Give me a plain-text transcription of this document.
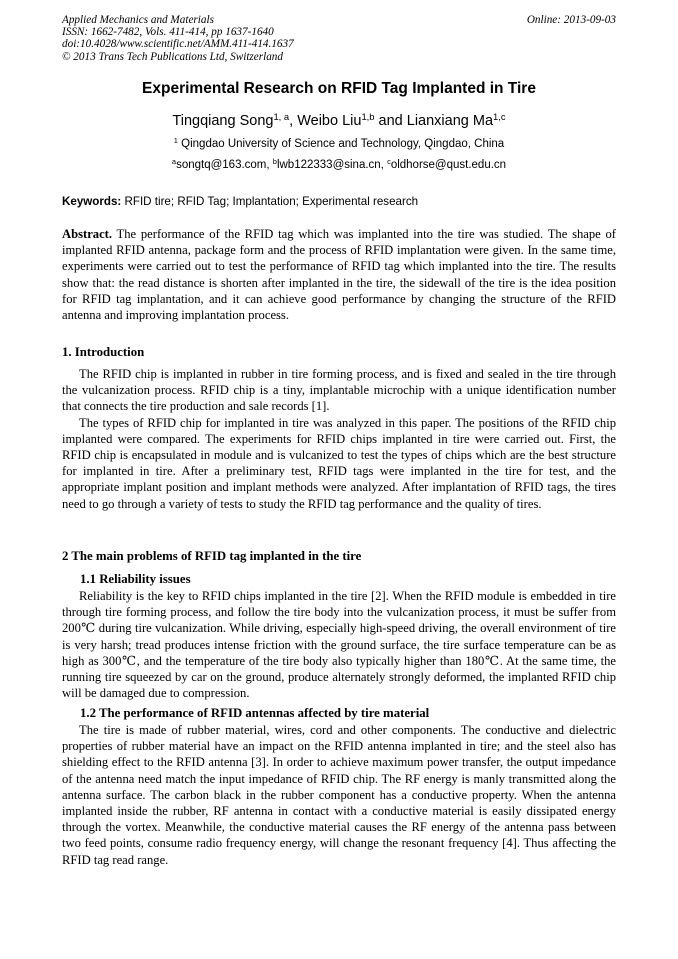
Applied Mechanics and Materials
ISSN: 1662-7482, Vols. 411-414, pp 1637-1640
doi:10.4028/www.scientific.net/AMM.411-414.1637
© 2013 Trans Tech Publications Ltd, Switzerland
Online: 2013-09-03
Experimental Research on RFID Tag Implanted in Tire
Tingqiang Song$^{1, a}$, Weibo Liu$^{1,b}$ and Lianxiang Ma$^{1,c}$
$^1$ Qingdao University of Science and Technology, Qingdao, China
$^a$songtq@163.com, $^b$lwb122333@sina.cn, $^c$oldhorse@qust.edu.cn
Keywords: RFID tire; RFID Tag; Implantation; Experimental research

Abstract. The performance of the RFID tag which was implanted into the tire was studied. The shape of implanted RFID antenna, package form and the process of RFID implantation were given. In the same time, experiments were carried out to test the performance of RFID tag which implanted into the tire. The results show that: the read distance is shorten after implanted in the tire, the sidewall of the tire is the idea position for RFID tag implantation, and it can achieve good performance by changing the structure of the RFID antenna and improving implantation process.

1. Introduction

The RFID chip is implanted in rubber in tire forming process, and is fixed and sealed in the tire through the vulcanization process. RFID chip is a tiny, implantable microchip with a unique identification number that connects the tire production and sale records [1].

The types of RFID chip for implanted in tire was analyzed in this paper. The positions of the RFID chip implanted were compared. The experiments for RFID chips implanted in tire were carried out. First, the RFID chip is encapsulated in module and is vulcanized to test the types of chips which are the best structure for implanted in tire. After a preliminary test, RFID tags were implanted in the tire for test, and the appropriate implant position and implant methods were analyzed. After implantation of RFID tags, the tires need to go through a variety of tests to study the RFID tag performance and the quality of tires.

2 The main problems of RFID tag implanted in the tire
1.1 Reliability issues

Reliability is the key to RFID chips implanted in the tire [2]. When the RFID module is embedded in tire through tire forming process, and follow the tire body into the vulcanization process, it must be suffer from 200℃ during tire vulcanization. While driving, especially high-speed driving, the overall environment of tire is very harsh; tread produces intense friction with the ground surface, the tire surface temperature can be as high as 300℃, and the temperature of the tire body also typically higher than 180℃. At the same time, the running tire squeezed by car on the ground, produce alternately strongly deformed, the implanted RFID chip will be damaged due to compression.

1.2 The performance of RFID antennas affected by tire material

The tire is made of rubber material, wires, cord and other components. The conductive and dielectric properties of rubber material have an impact on the RFID antenna implanted in tire; and the steel also has shielding effect to the RFID antenna [3]. In order to achieve maximum power transfer, the output impedance of the antenna need match the input impedance of RFID chip. The RF energy is manly transmitted along the antenna surface. The carbon black in the rubber component has a conductive property. When the antenna implanted inside the rubber, RF antenna in contact with a conductive material is easily dissipated energy through the vortex. Meanwhile, the conductive material causes the RF energy of the antenna pass between two feed points, consume radio frequency energy, will change the resonant frequency [4]. Thus affecting the RFID tag read range.
